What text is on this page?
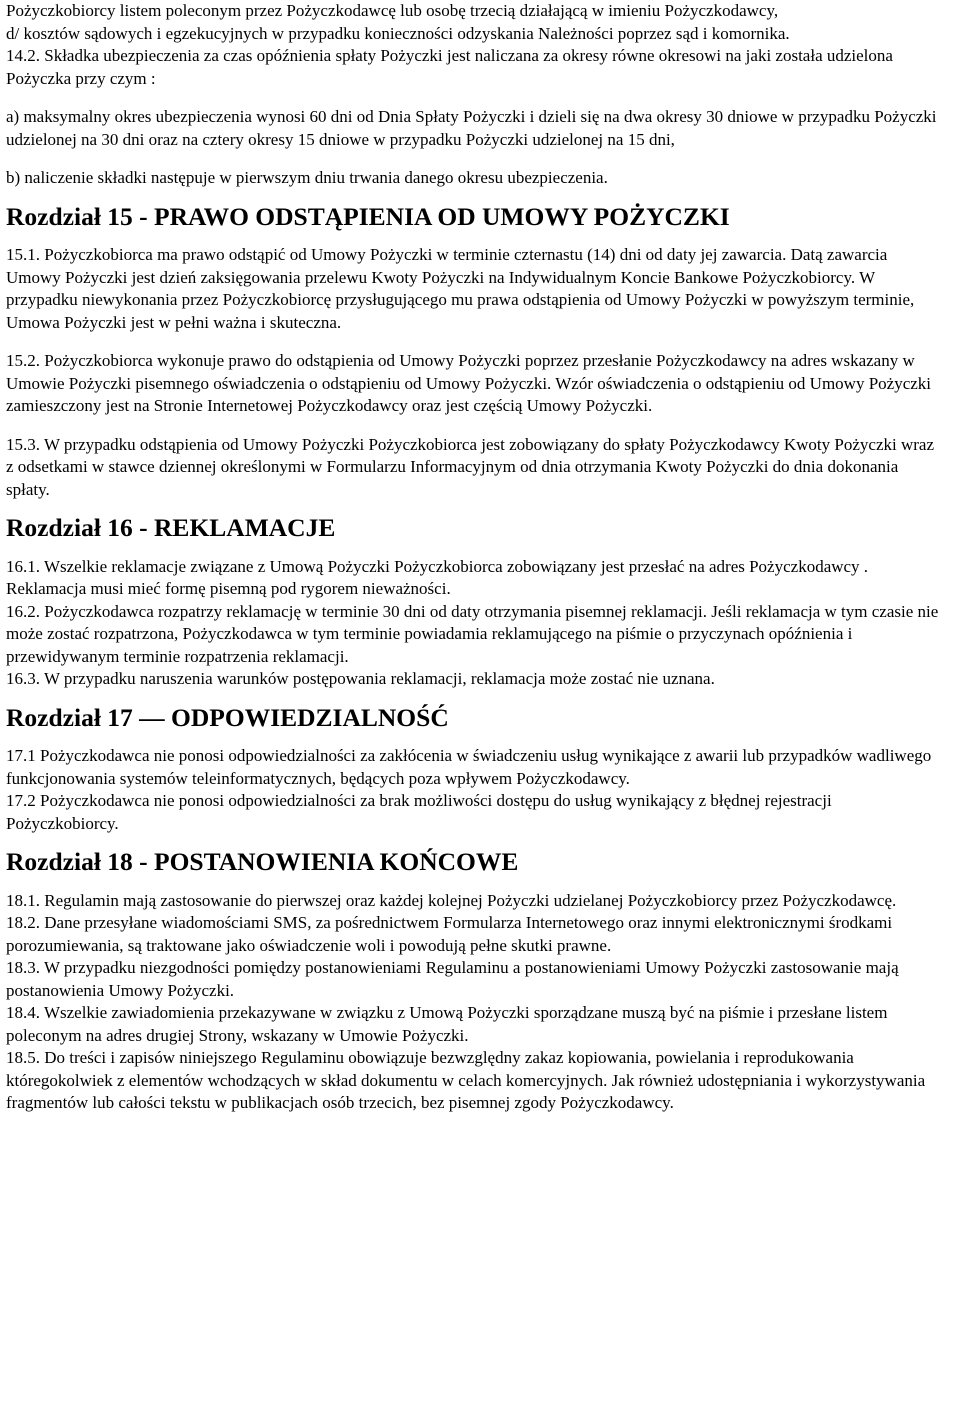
Pożyczkobiorcy listem poleconym przez Pożyczkodawcę lub osobę trzecią działającą w imieniu Pożyczkodawcy,

d/ kosztów sądowych i egzekucyjnych w przypadku konieczności odzyskania Należności poprzez sąd i komornika.

14.2. Składka ubezpieczenia za czas opóźnienia spłaty Pożyczki jest naliczana za okresy równe okresowi na jaki została udzielona Pożyczka przy czym :

a) maksymalny okres ubezpieczenia wynosi 60 dni od Dnia Spłaty Pożyczki i dzieli się na dwa okresy 30 dniowe w przypadku Pożyczki udzielonej na 30 dni oraz na cztery okresy 15 dniowe w przypadku Pożyczki udzielonej na 15 dni,

b) naliczenie składki następuje w pierwszym dniu trwania danego okresu ubezpieczenia.

Rozdział 15 - PRAWO ODSTĄPIENIA OD UMOWY POŻYCZKI

15.1. Pożyczkobiorca ma prawo odstąpić od Umowy Pożyczki w terminie czternastu (14) dni od daty jej zawarcia. Datą zawarcia Umowy Pożyczki jest dzień zaksięgowania przelewu Kwoty Pożyczki na Indywidualnym Koncie Bankowe Pożyczkobiorcy. W przypadku niewykonania przez Pożyczkobiorcę przysługującego mu prawa odstąpienia od Umowy Pożyczki w powyższym terminie, Umowa Pożyczki jest w pełni ważna i skuteczna.

15.2. Pożyczkobiorca wykonuje prawo do odstąpienia od Umowy Pożyczki poprzez przesłanie Pożyczkodawcy na adres wskazany w Umowie Pożyczki pisemnego oświadczenia o odstąpieniu od Umowy Pożyczki. Wzór oświadczenia o odstąpieniu od Umowy Pożyczki zamieszczony jest na Stronie Internetowej Pożyczkodawcy oraz jest częścią Umowy Pożyczki.

15.3. W przypadku odstąpienia od Umowy Pożyczki Pożyczkobiorca jest zobowiązany do spłaty Pożyczkodawcy Kwoty Pożyczki wraz z odsetkami w stawce dziennej określonymi w Formularzu Informacyjnym od dnia otrzymania Kwoty Pożyczki do dnia dokonania spłaty.

Rozdział 16 - REKLAMACJE

16.1. Wszelkie reklamacje związane z Umową Pożyczki Pożyczkobiorca zobowiązany jest przesłać na adres Pożyczkodawcy . Reklamacja musi mieć formę pisemną pod rygorem nieważności.

16.2. Pożyczkodawca rozpatrzy reklamację w terminie 30 dni od daty otrzymania pisemnej reklamacji. Jeśli reklamacja w tym czasie nie może zostać rozpatrzona, Pożyczkodawca w tym terminie powiadamia reklamującego na piśmie o przyczynach opóźnienia i przewidywanym terminie rozpatrzenia reklamacji.

16.3. W przypadku naruszenia warunków postępowania reklamacji, reklamacja może zostać nie uznana.

Rozdział 17 — ODPOWIEDZIALNOŚĆ

17.1 Pożyczkodawca nie ponosi odpowiedzialności za zakłócenia w świadczeniu usług wynikające z awarii lub przypadków wadliwego funkcjonowania systemów teleinformatycznych, będących poza wpływem Pożyczkodawcy.

17.2 Pożyczkodawca nie ponosi odpowiedzialności za brak możliwości dostępu do usług wynikający z błędnej rejestracji Pożyczkobiorcy.

Rozdział 18 - POSTANOWIENIA KOŃCOWE

18.1. Regulamin mają zastosowanie do pierwszej oraz każdej kolejnej Pożyczki udzielanej Pożyczkobiorcy przez Pożyczkodawcę.

18.2. Dane przesyłane wiadomościami SMS, za pośrednictwem Formularza Internetowego oraz innymi elektronicznymi środkami porozumiewania, są traktowane jako oświadczenie woli i powodują pełne skutki prawne.

18.3. W przypadku niezgodności pomiędzy postanowieniami Regulaminu a postanowieniami Umowy Pożyczki zastosowanie mają postanowienia Umowy Pożyczki.

18.4. Wszelkie zawiadomienia przekazywane w związku z Umową Pożyczki sporządzane muszą być na piśmie i przesłane listem poleconym na adres drugiej Strony, wskazany w Umowie Pożyczki.

18.5. Do treści i zapisów niniejszego Regulaminu obowiązuje bezwzględny zakaz kopiowania, powielania i reprodukowania któregokolwiek z elementów wchodzących w skład dokumentu w celach komercyjnych. Jak również udostępniania i wykorzystywania fragmentów lub całości tekstu w publikacjach osób trzecich, bez pisemnej zgody Pożyczkodawcy.
